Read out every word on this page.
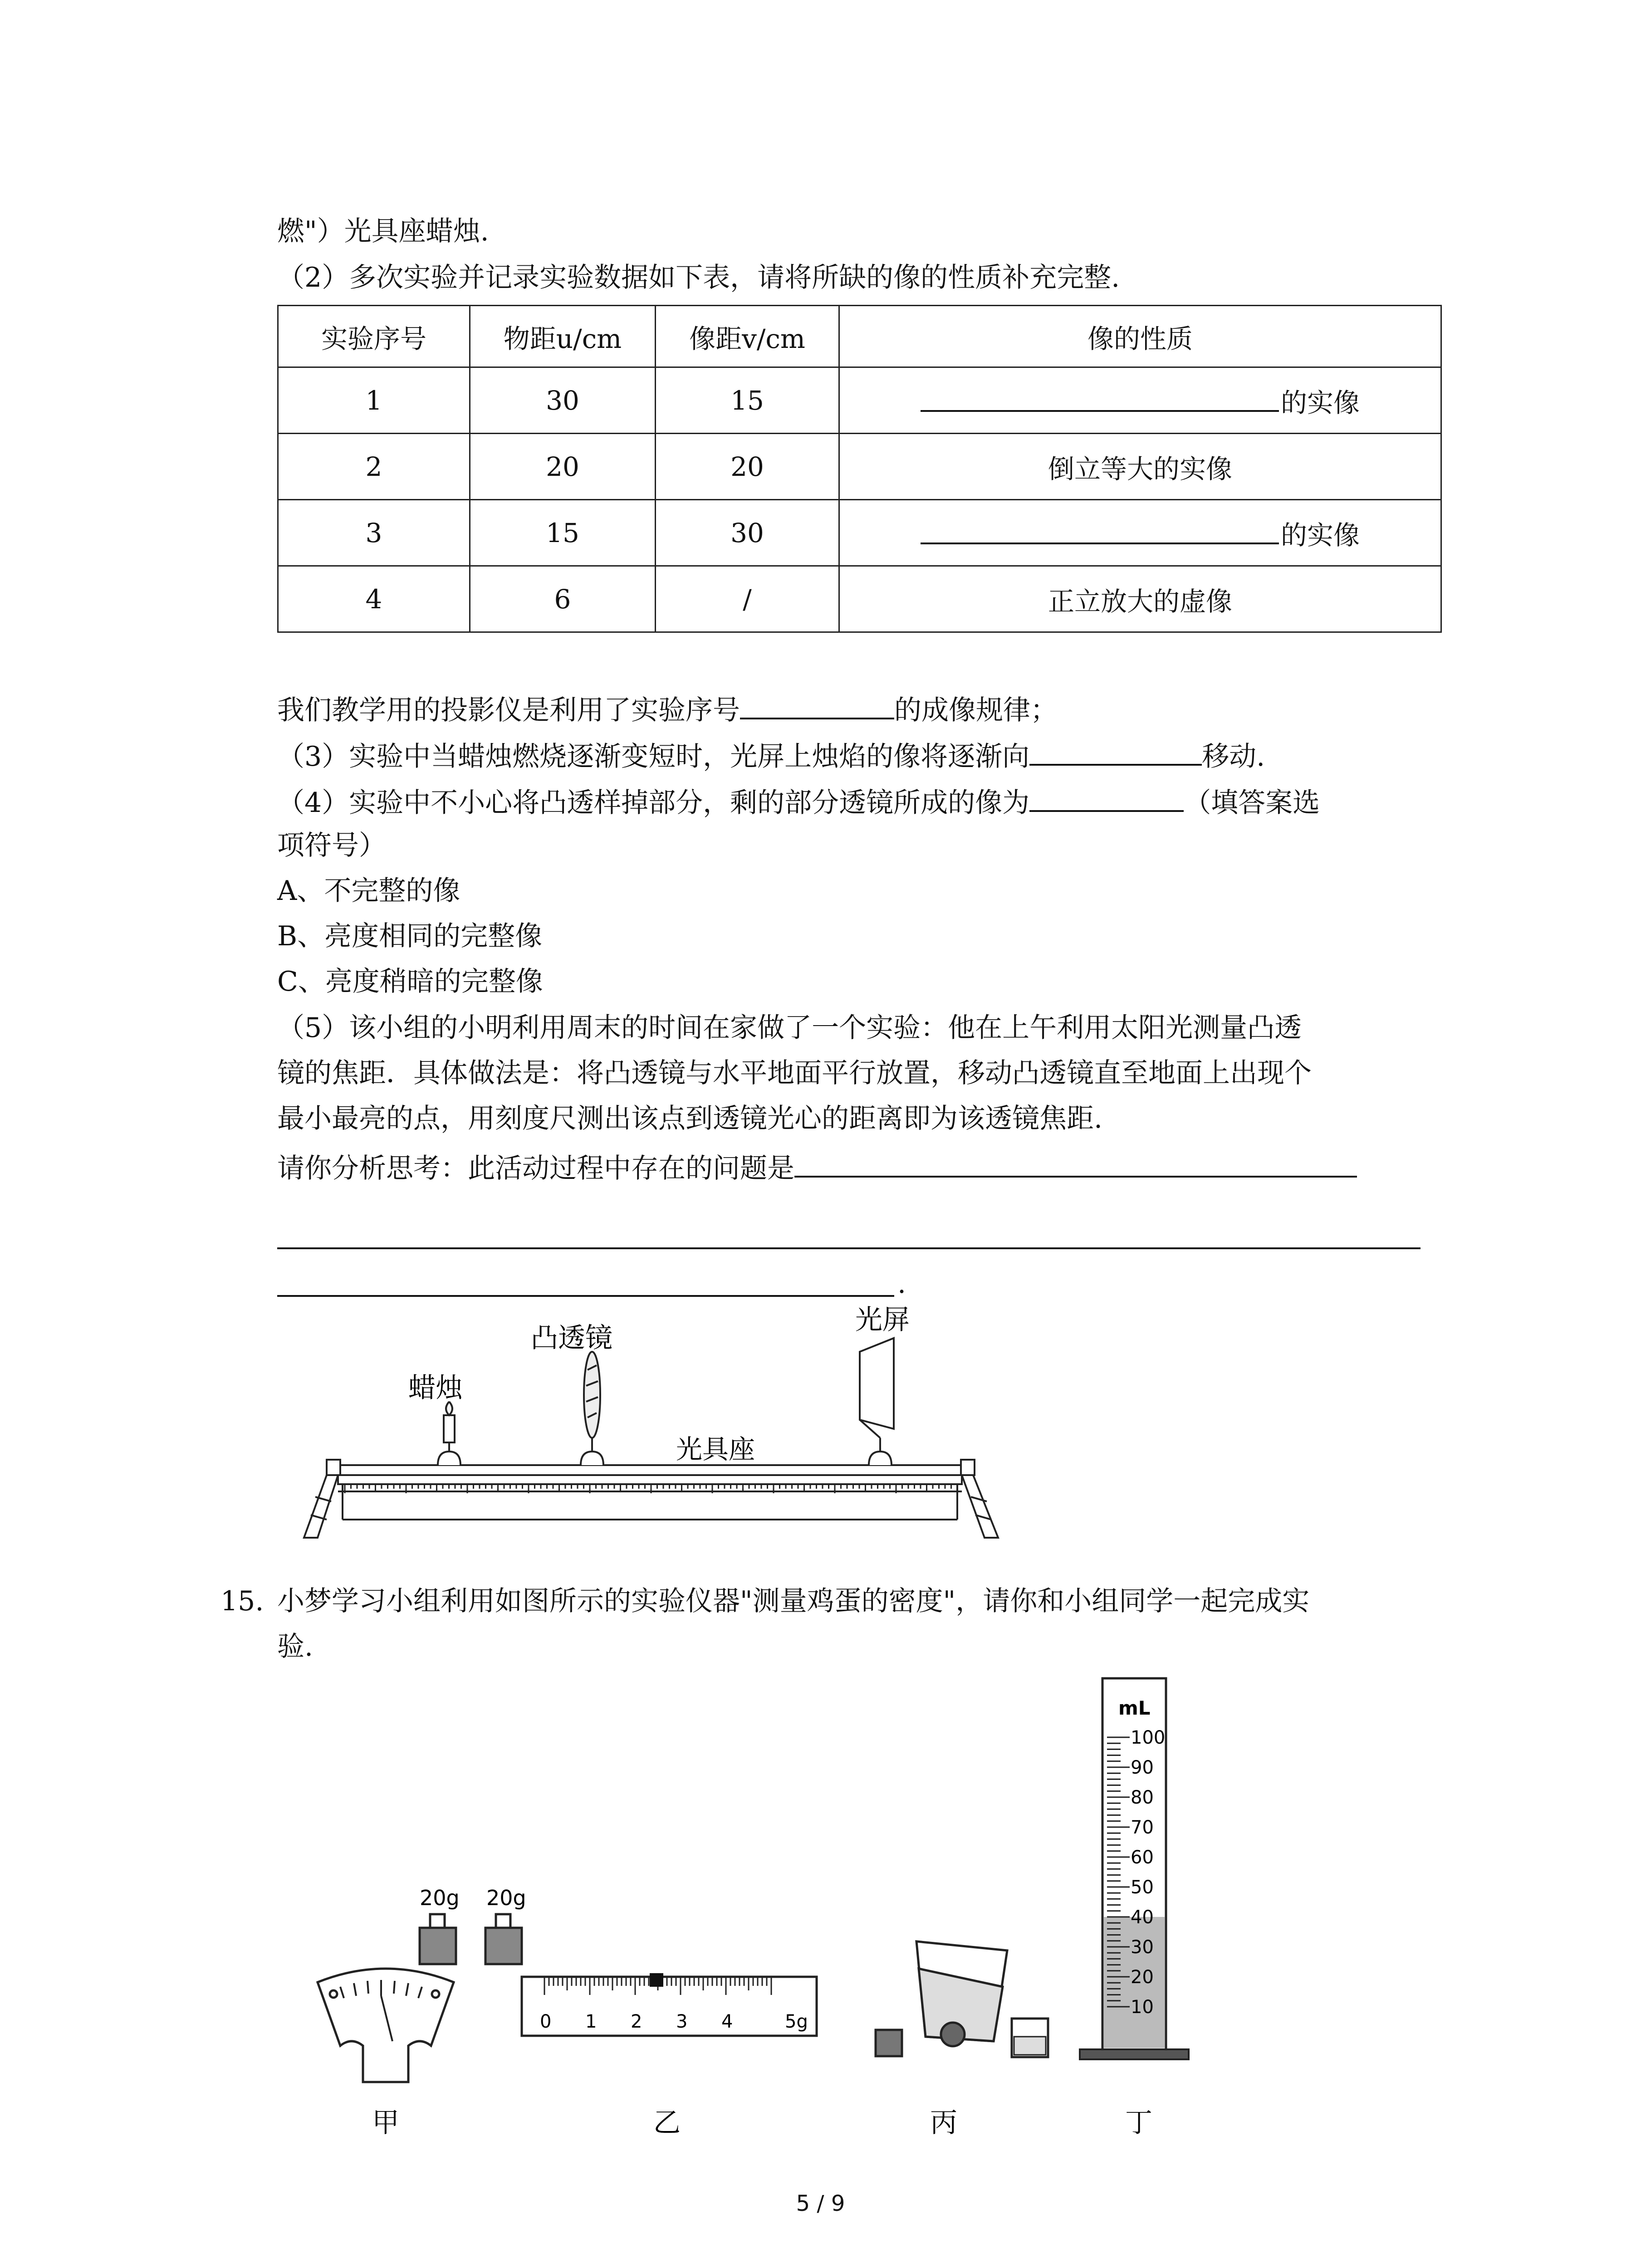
燃"）光具座蜡烛.
（2）多次实验并记录实验数据如下表，请将所缺的像的性质补充完整.
实验序号	物距u/cm	像距v/cm	像的性质
1	30	15	的实像
2	20	20	倒立等大的实像
3	15	30	的实像
4	6	/	正立放大的虚像
我们教学用的投影仪是利用了实验序号	的成像规律；
（3）实验中当蜡烛燃烧逐渐变短时，光屏上烛焰的像将逐渐向	移动.
（4）实验中不小心将凸透样掉部分，剩的部分透镜所成的像为	（填答案选
项符号）
A、不完整的像
B、亮度相同的完整像
C、亮度稍暗的完整像
（5）该小组的小明利用周末的时间在家做了一个实验：他在上午利用太阳光测量凸透
镜的焦距．具体做法是：将凸透镜与水平地面平行放置，移动凸透镜直至地面上出现个
最小最亮的点，用刻度尺测出该点到透镜光心的距离即为该透镜焦距.
请你分析思考：此活动过程中存在的问题是
.
蜡烛
凸透镜
光屏
光具座
15. 小梦学习小组利用如图所示的实验仪器"测量鸡蛋的密度"，请你和小组同学一起完成实
验.
20g 20g
0 1 2 3 4	5g
100
90
80
70
60
50
40
30
20
10
mL
甲	乙	丙	丁
5 / 9
